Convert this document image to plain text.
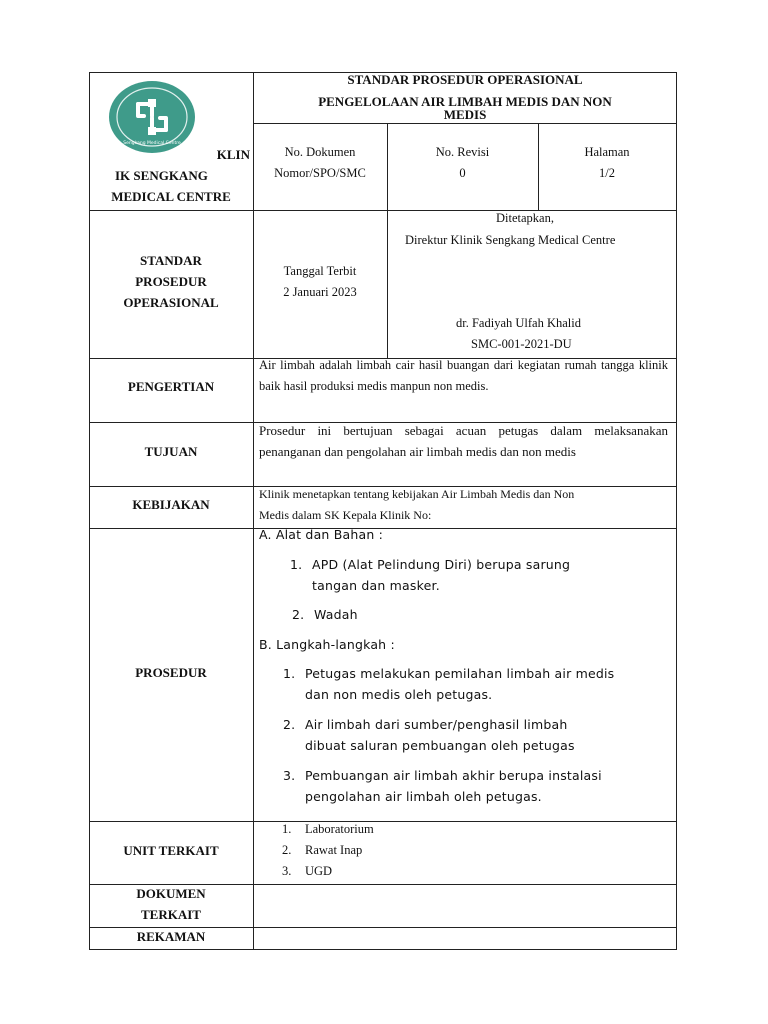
Sengkang Medical Centre
KLIN
IK SENGKANG
MEDICAL CENTRE
STANDAR PROSEDUR OPERASIONAL
PENGELOLAAN AIR LIMBAH MEDIS DAN NON
MEDIS
No. Dokumen
Nomor/SPO/SMC
No. Revisi
0
Halaman
1/2
STANDAR
PROSEDUR
OPERASIONAL
Tanggal Terbit
2 Januari 2023
Ditetapkan,
Direktur Klinik Sengkang Medical Centre
dr. Fadiyah Ulfah Khalid
SMC-001-2021-DU
PENGERTIAN
Air limbah adalah limbah cair hasil buangan dari kegiatan rumah tangga klinik baik hasil produksi medis manpun non medis.
TUJUAN
Prosedur ini bertujuan sebagai acuan petugas dalam melaksanakan penanganan dan pengolahan air limbah medis dan non medis
KEBIJAKAN
Klinik menetapkan tentang kebijakan Air Limbah Medis dan Non
Medis dalam SK Kepala Klinik No:
PROSEDUR
A. Alat dan Bahan :
1. APD (Alat Pelindung Diri) berupa sarung
tangan dan masker.
2. Wadah
B. Langkah-langkah :
1. Petugas melakukan pemilahan limbah air medis
dan non medis oleh petugas.
2. Air limbah dari sumber/penghasil limbah
dibuat saluran pembuangan oleh petugas
3. Pembuangan air limbah akhir berupa instalasi
pengolahan air limbah oleh petugas.
UNIT TERKAIT
1. Laboratorium
2. Rawat Inap
3. UGD
DOKUMEN
TERKAIT
REKAMAN
